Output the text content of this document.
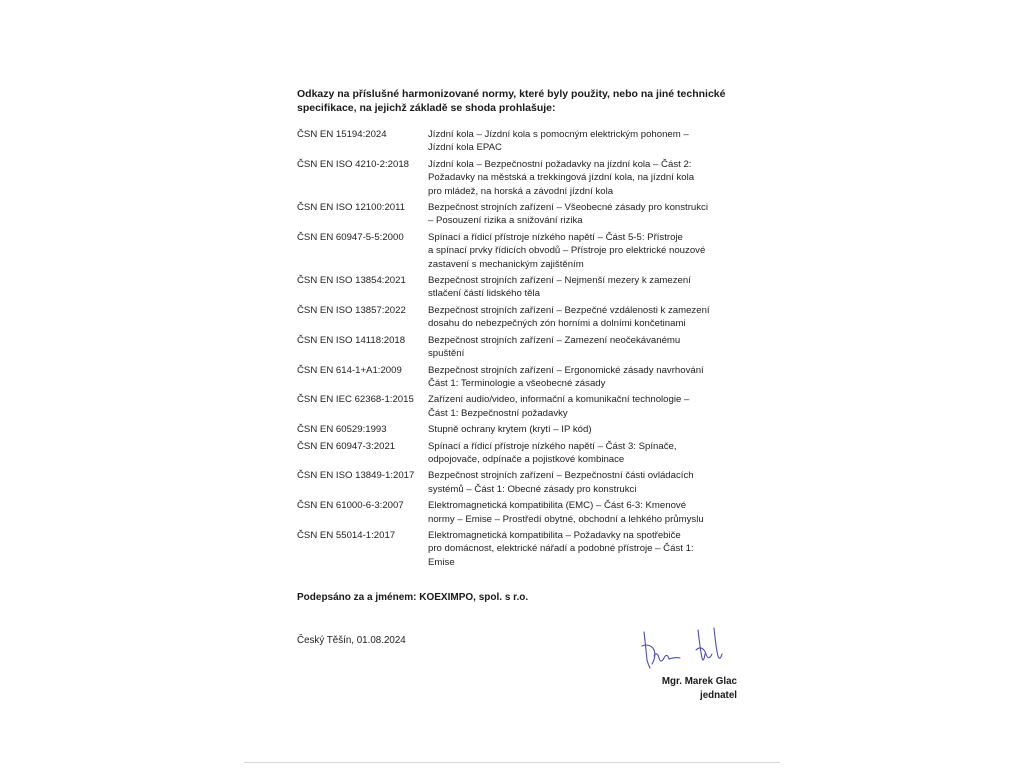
Odkazy na příslušné harmonizované normy, které byly použity, nebo na jiné technické
specifikace, na jejichž základě se shoda prohlašuje:
ČSN EN 15194:2024	Jízdní kola – Jízdní kola s pomocným elektrickým pohonem –
Jízdní kola EPAC
ČSN EN ISO 4210-2:2018	Jízdní kola – Bezpečnostní požadavky na jízdní kola – Část 2:
Požadavky na městská a trekkingová jízdní kola, na jízdní kola
pro mládež, na horská a závodní jízdní kola
ČSN EN ISO 12100:2011	Bezpečnost strojních zařízení – Všeobecné zásady pro konstrukci
– Posouzení rizika a snižování rizika
ČSN EN 60947-5-5:2000	Spínací a řídicí přístroje nízkého napětí – Část 5-5: Přístroje
a spínací prvky řídicích obvodů – Přístroje pro elektrické nouzové
zastavení s mechanickým zajištěním
ČSN EN ISO 13854:2021	Bezpečnost strojních zařízení – Nejmenší mezery k zamezení
stlačení částí lidského těla
ČSN EN ISO 13857:2022	Bezpečnost strojních zařízení – Bezpečné vzdálenosti k zamezení
dosahu do nebezpečných zón horními a dolními končetinami
ČSN EN ISO 14118:2018	Bezpečnost strojních zařízení – Zamezení neočekávanému
spuštění
ČSN EN 614-1+A1:2009	Bezpečnost strojních zařízení – Ergonomické zásady navrhování
Část 1: Terminologie a všeobecné zásady
ČSN EN IEC 62368-1:2015	Zařízení audio/video, informační a komunikační technologie –
Část 1: Bezpečnostní požadavky
ČSN EN 60529:1993	Stupně ochrany krytem (krytí – IP kód)
ČSN EN 60947-3:2021	Spínací a řídicí přístroje nízkého napětí – Část 3: Spínače,
odpojovače, odpínače a pojistkové kombinace
ČSN EN ISO 13849-1:2017	Bezpečnost strojních zařízení – Bezpečnostní části ovládacích
systémů – Část 1: Obecné zásady pro konstrukci
ČSN EN 61000-6-3:2007	Elektromagnetická kompatibilita (EMC) – Část 6-3: Kmenové
normy – Emise – Prostředí obytné, obchodní a lehkého průmyslu
ČSN EN 55014-1:2017	Elektromagnetická kompatibilita – Požadavky na spotřebiče
pro domácnost, elektrické nářadí a podobné přístroje – Část 1:
Emise
Podepsáno za a jménem: KOEXIMPO, spol. s r.o.
Český Těšín, 01.08.2024
Mgr. Marek Glac
jednatel
